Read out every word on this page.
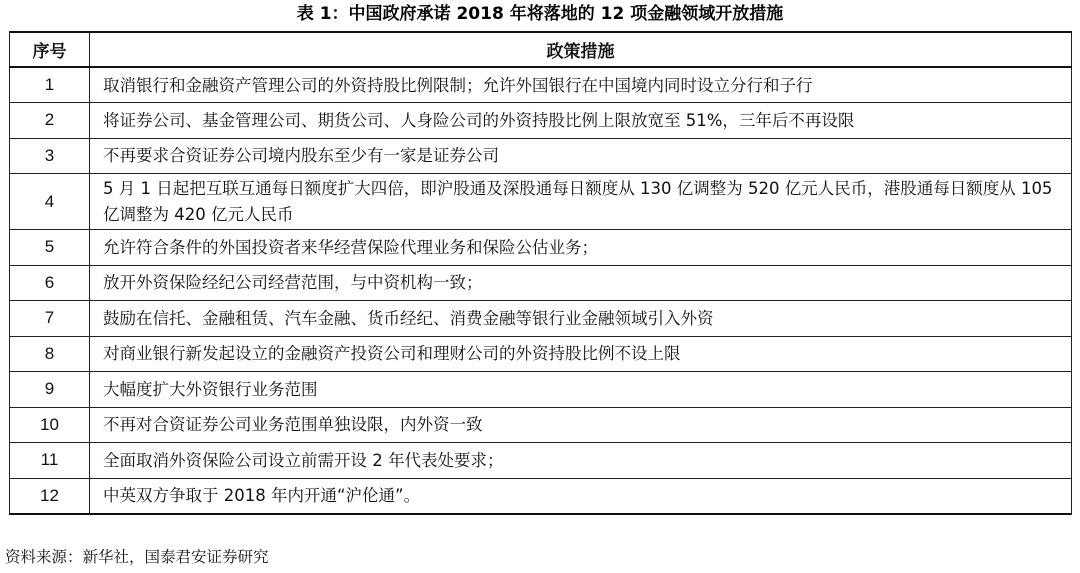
表 1：中国政府承诺 2018 年将落地的 12 项金融领域开放措施
序号	政策措施
1	取消银行和金融资产管理公司的外资持股比例限制；允许外国银行在中国境内同时设立分行和子行
2	将证券公司、基金管理公司、期货公司、人身险公司的外资持股比例上限放宽至 51%，三年后不再设限
3	不再要求合资证券公司境内股东至少有一家是证券公司
4	5 月 1 日起把互联互通每日额度扩大四倍，即沪股通及深股通每日额度从 130 亿调整为 520 亿元人民币，港股通每日额度从 105 亿调整为 420 亿元人民币
5	允许符合条件的外国投资者来华经营保险代理业务和保险公估业务；
6	放开外资保险经纪公司经营范围，与中资机构一致；
7	鼓励在信托、金融租赁、汽车金融、货币经纪、消费金融等银行业金融领域引入外资
8	对商业银行新发起设立的金融资产投资公司和理财公司的外资持股比例不设上限
9	大幅度扩大外资银行业务范围
10	不再对合资证券公司业务范围单独设限，内外资一致
11	全面取消外资保险公司设立前需开设 2 年代表处要求；
12	中英双方争取于 2018 年内开通“沪伦通”。
资料来源：新华社，国泰君安证券研究
